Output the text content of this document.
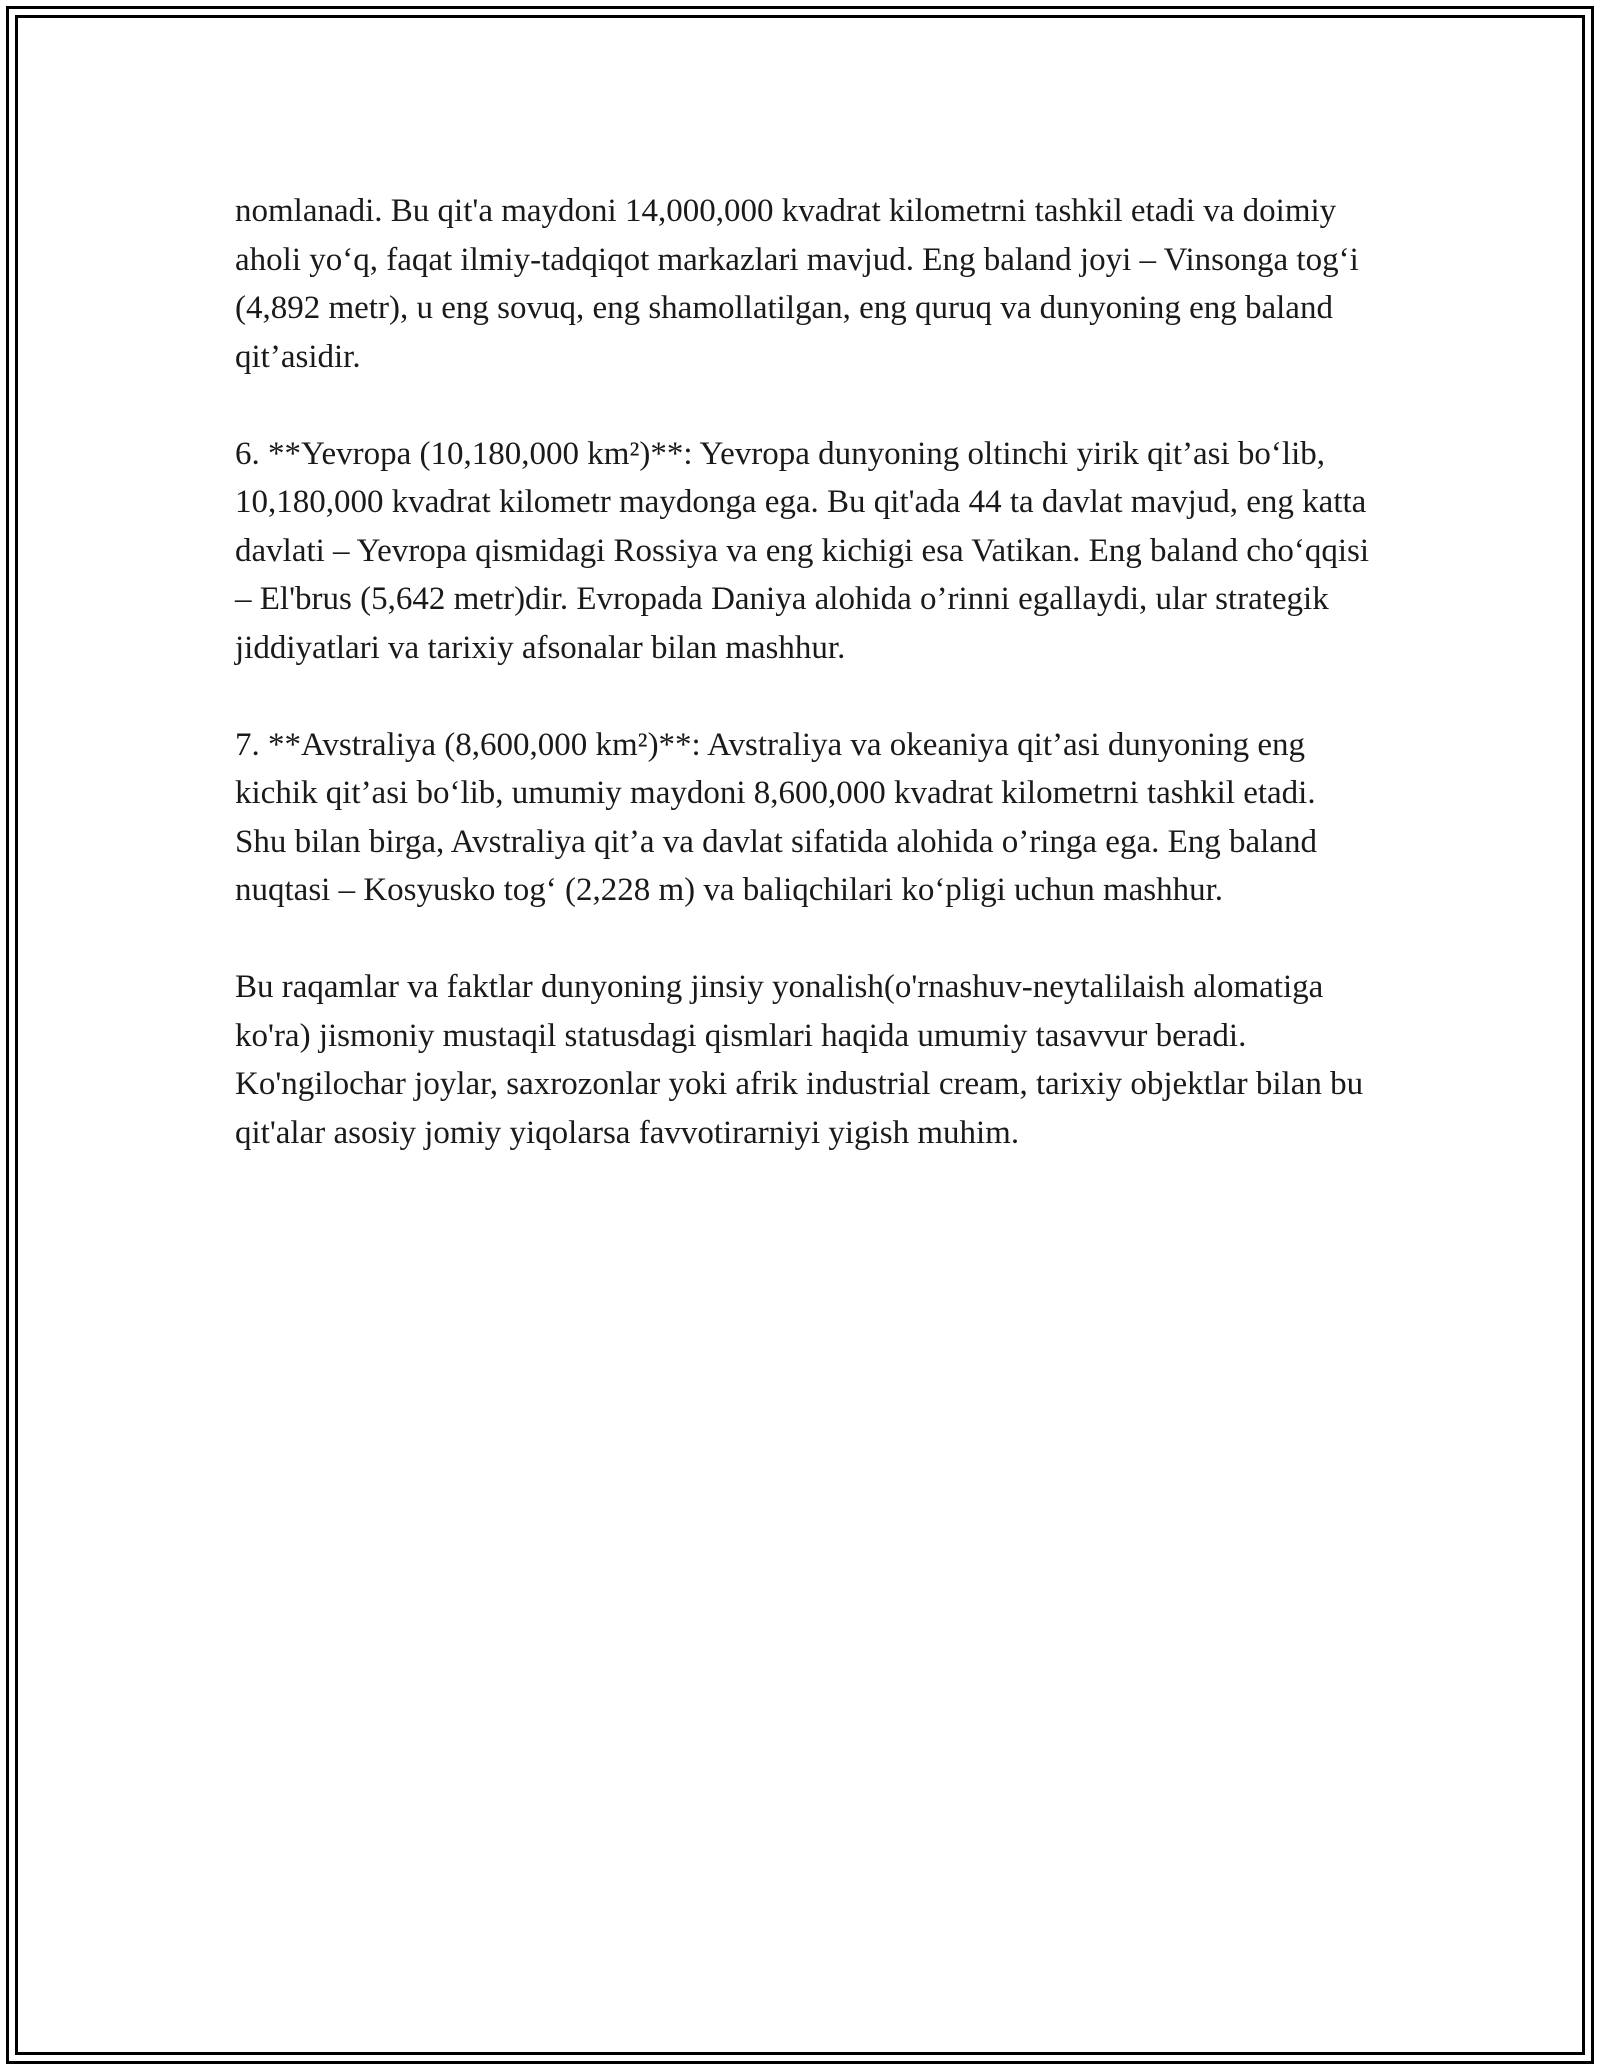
nomlanadi. Bu qit'a maydoni 14,000,000 kvadrat kilometrni tashkil etadi va doimiy aholi yo‘q, faqat ilmiy-tadqiqot markazlari mavjud. Eng baland joyi – Vinsonga tog‘i (4,892 metr), u eng sovuq, eng shamollatilgan, eng quruq va dunyoning eng baland qit’asidir.

6. **Yevropa (10,180,000 km²)**: Yevropa dunyoning oltinchi yirik qit’asi bo‘lib, 10,180,000 kvadrat kilometr maydonga ega. Bu qit'ada 44 ta davlat mavjud, eng katta davlati – Yevropa qismidagi Rossiya va eng kichigi esa Vatikan. Eng baland cho‘qqisi – El'brus (5,642 metr)dir. Evropada Daniya alohida o’rinni egallaydi, ular strategik jiddiyatlari va tarixiy afsonalar bilan mashhur.

7. **Avstraliya (8,600,000 km²)**: Avstraliya va okeaniya qit’asi dunyoning eng kichik qit’asi bo‘lib, umumiy maydoni 8,600,000 kvadrat kilometrni tashkil etadi. Shu bilan birga, Avstraliya qit’a va davlat sifatida alohida o’ringa ega. Eng baland nuqtasi – Kosyusko tog‘ (2,228 m) va baliqchilari ko‘pligi uchun mashhur.

Bu raqamlar va faktlar dunyoning jinsiy yonalish(o'rnashuv-neytalilaish alomatiga ko'ra) jismoniy mustaqil statusdagi qismlari haqida umumiy tasavvur beradi. Ko'ngilochar joylar, saxrozonlar yoki afrik industrial cream, tarixiy objektlar bilan bu qit'alar asosiy jomiy yiqolarsa favvotirarniyi yigish muhim.
